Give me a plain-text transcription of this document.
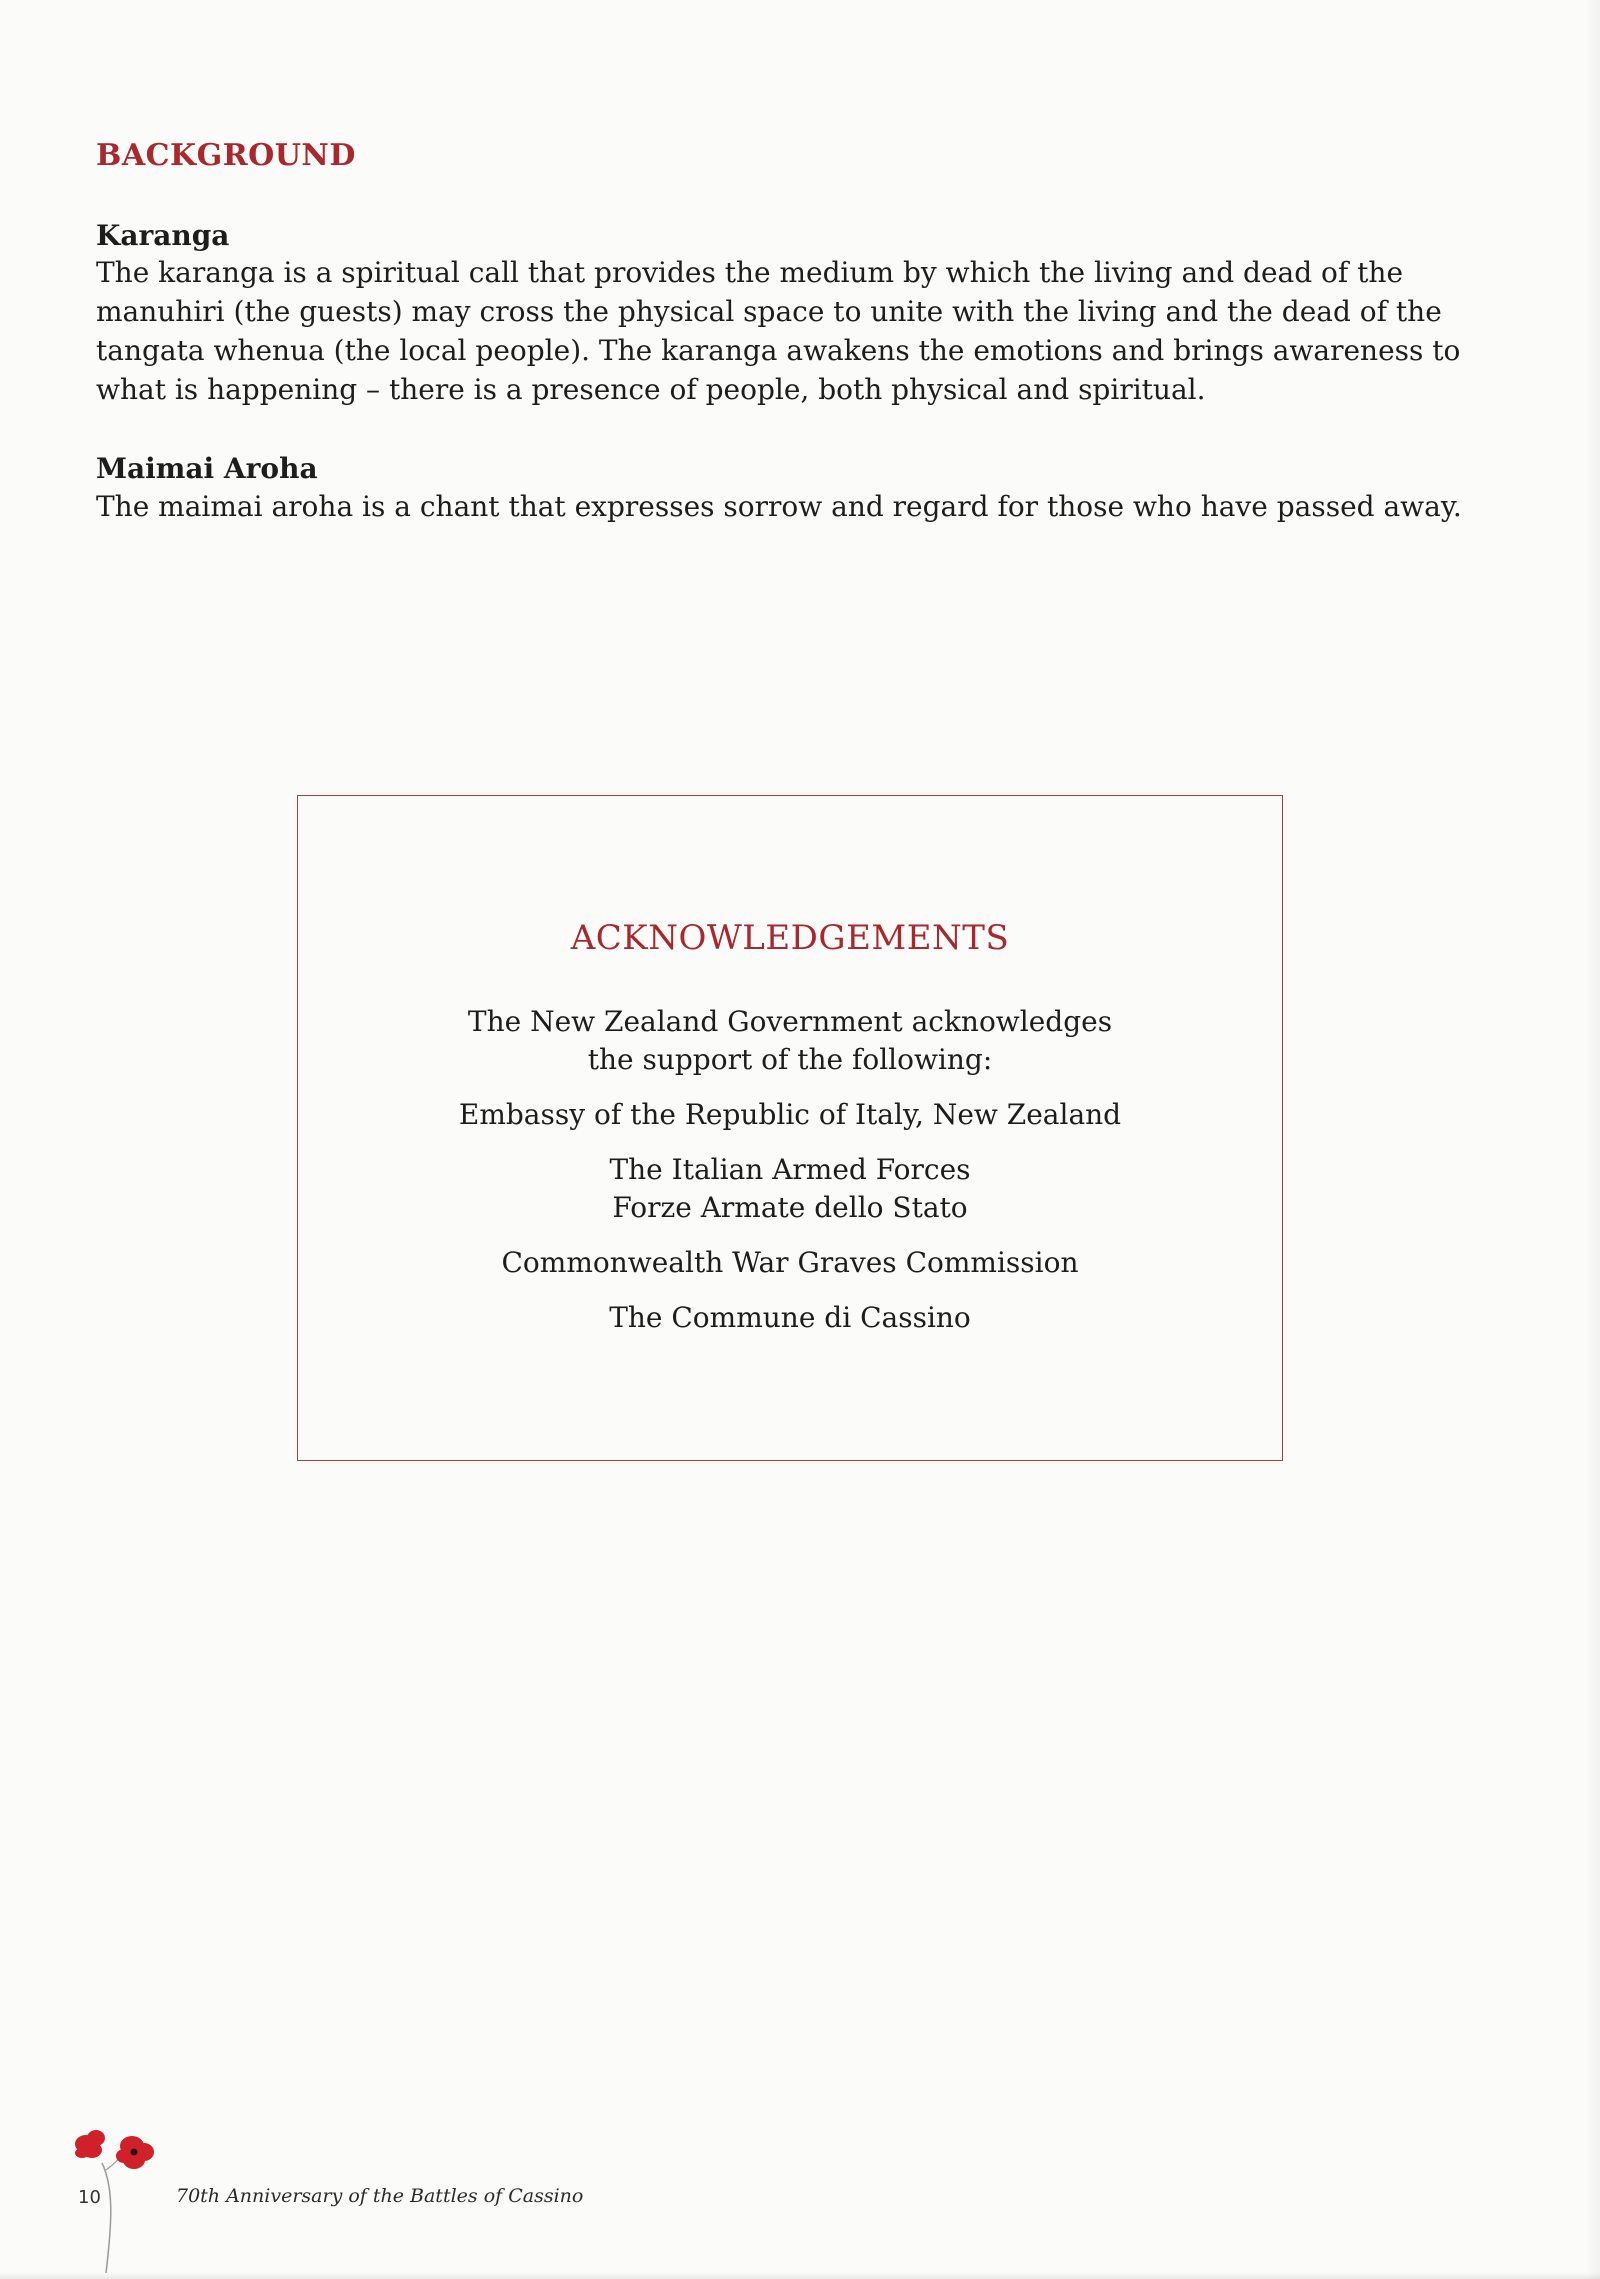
BACKGROUND
Karanga
The karanga is a spiritual call that provides the medium by which the living and dead of the
manuhiri (the guests) may cross the physical space to unite with the living and the dead of the
tangata whenua (the local people). The karanga awakens the emotions and brings awareness to
what is happening – there is a presence of people, both physical and spiritual.
Maimai Aroha

The maimai aroha is a chant that expresses sorrow and regard for those who have passed away.

ACKNOWLEDGEMENTS

The New Zealand Government acknowledges

the support of the following:

Embassy of the Republic of Italy, New Zealand

The Italian Armed Forces

Forze Armate dello Stato

Commonwealth War Graves Commission

The Commune di Cassino

10	70th Anniversary of the Battles of Cassino
